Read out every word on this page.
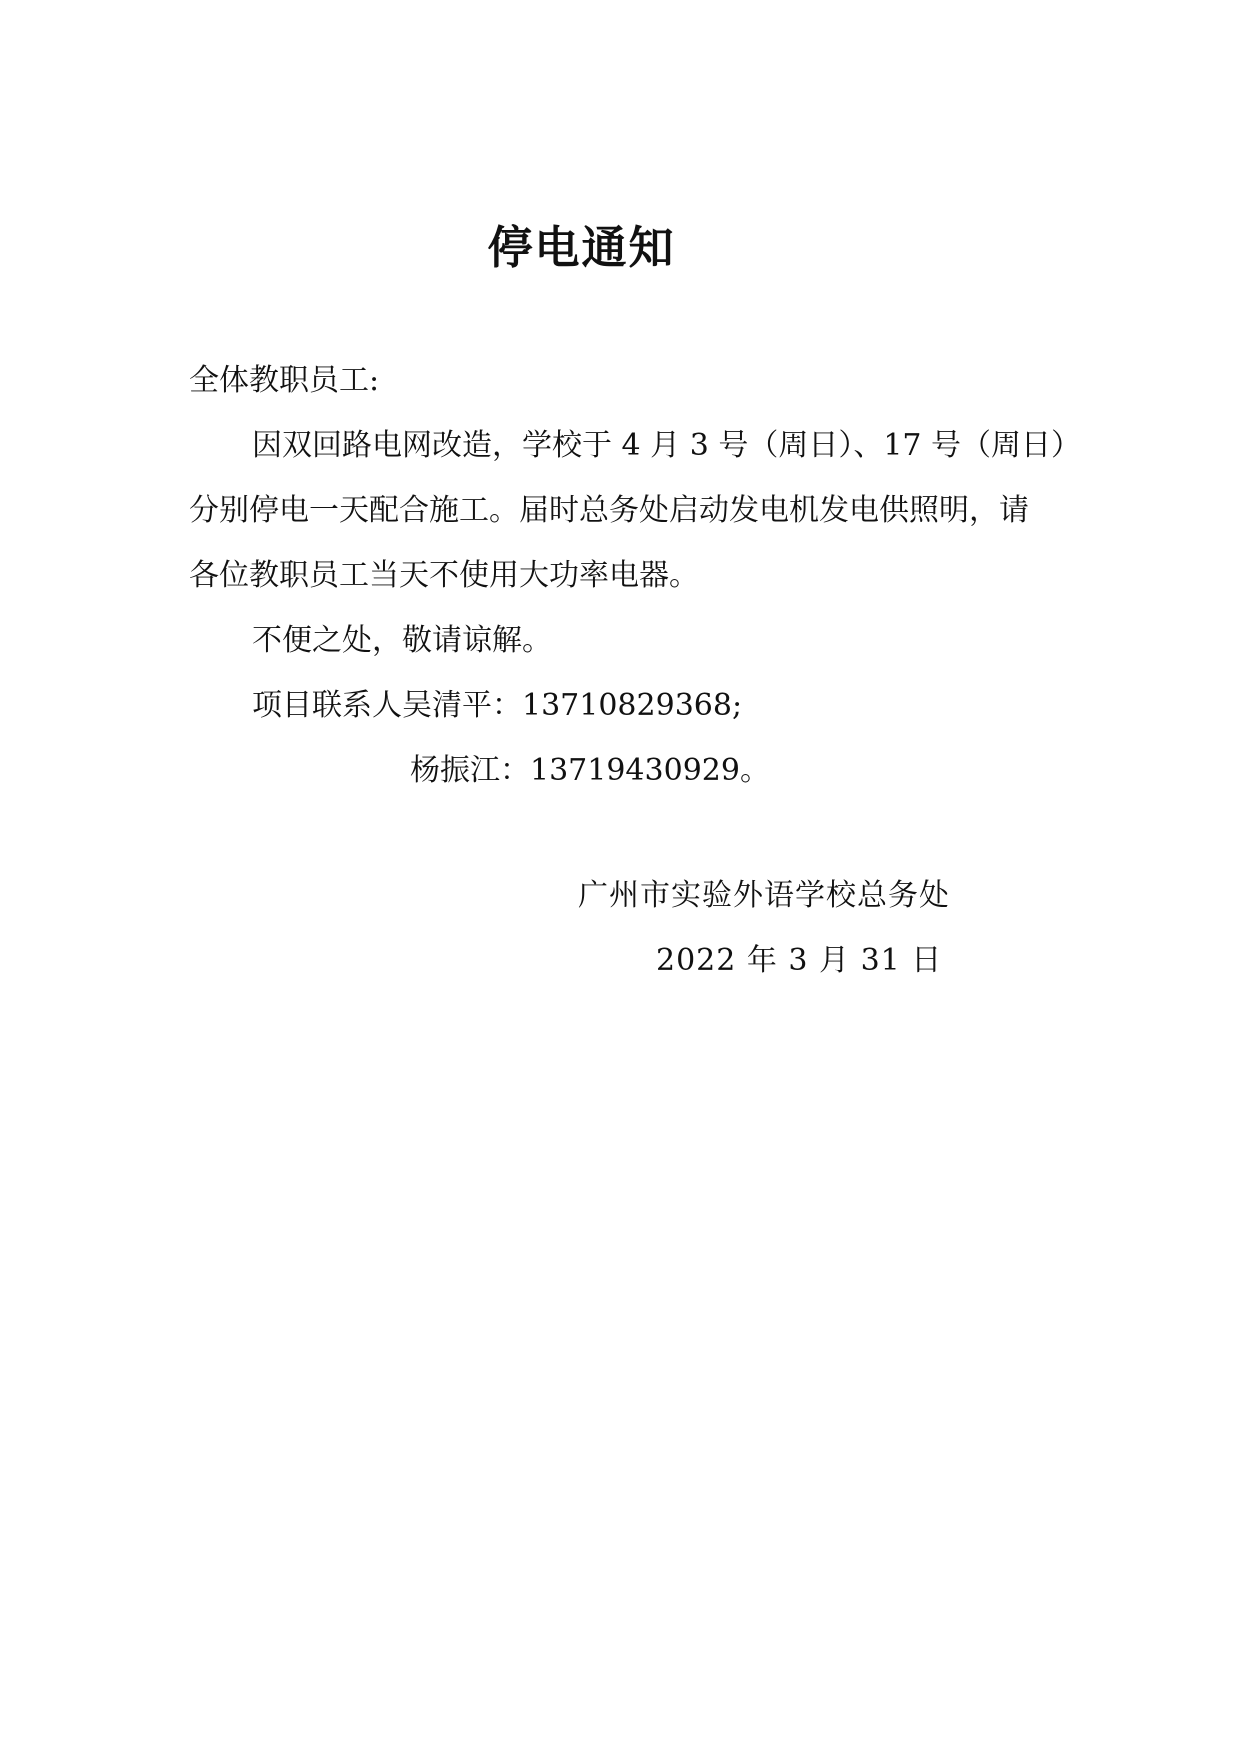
停电通知
全体教职员工:
因双回路电网改造，学校于 4 月 3 号（周日）、17 号（周日）
分别停电一天配合施工。届时总务处启动发电机发电供照明，请
各位教职员工当天不使用大功率电器。
不便之处，敬请谅解。
项目联系人吴清平：13710829368;
杨振江：13719430929。
广州市实验外语学校总务处
2022 年 3 月 31 日
